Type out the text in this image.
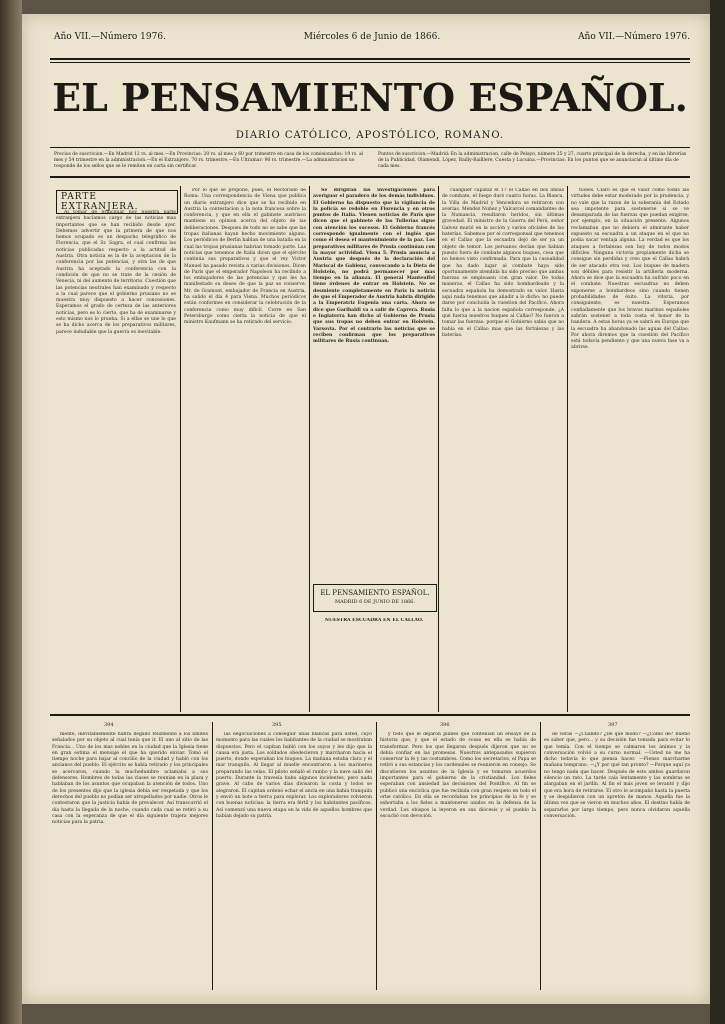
Año VII.—Número 1976.	Miércoles 6 de Junio de 1866.	Año VII.—Número 1976.
EL PENSAMIENTO ESPAÑOL.
DIARIO CATÓLICO, APOSTÓLICO, ROMANO.
Precios de suscricion.—En Madrid 12 rs. al mes.—En Provincias: 20 rs. al mes y 60 por trimestre en casa de los comisionados: 19 rs. al mes y 54 trimestre en la administracion.—En el Extranjero, 70 rs. trimestre.—En Ultramar: 90 rs. trimestre.—La administracion no responde de los sellos que se le remiten en carta sin certificar.
Puntos de suscricion.—Madrid: En la administracion, calle de Pelayo, número 25 y 27, cuarto principal de la derecha, y en las librerías de la Publicidad, Olamendi, López, Bailly-Bailliere, Cuesta y Lucuina.—Provincias: En los puntos que se anunciarán al último día de cada mes.
PARTE EXTRANJERA.

Al tomar de principiar hoy nuestra parte extranjera hacíamos cargo de las noticias mas importantes que se han recibido desde ayer. Debemos advertir que la primera de que nos hemos ocupado es un despacho telegráfico de Florencia, que el Sr. Sagra, el cual confirma las noticias publicadas respecto a la actitud de Austria. Otra noticia es la de la aceptacion de la conferencia por las potencias, y otra las de que Austria ha aceptado la conferencia con la condición de que no se trate de la cesión de Venecia, ni del aumento de territorio. Cuestión que las potencias neutrales han examinado y respecto a la cual parece que el gobierno prusiano no se muestra muy dispuesto a hacer concesiones. Esperamos el grado de certeza de las anteriores noticias, pero es lo cierto, que ha de examinarse y esto mismo nos lo prueba. Si a ellas se une lo que se ha dicho acerca de los preparativos militares, parece indudable que la guerra es inevitable.

Por lo que se propone, pues, el Rectorado de Roma: Una correspondencia de Viena que publica un diario extranjero dice que se ha recibido en Austria la contestacion a la nota francesa sobre la conferencia, y que en ella el gabinete austriaco mantiene su opinion acerca del objeto de las deliberaciones. Despues de todo no se sabe que las tropas italianas hayan hecho movimiento alguno. Los periódicos de Berlin hablan de una batalla en la cual las tropas prusianas habrian tomado parte. Las noticias que tenemos de Italia dicen que el ejército continúa sus preparativos y que el rey Victor Manuel ha pasado revista a varias divisiones. Dicen de París que el emperador Napoleon ha recibido a los embajadores de las potencias y que les ha manifestado su deseo de que la paz se conserve. Mr. de Gramont, embajador de Francia en Austria, ha salido el día 4 para Viena. Muchos periódicos están conformes en considerar la celebración de la conferencia como muy dificil. Corre en San Petersburgo como cierta la noticia de que el ministro Kaufmann se ha retirado del servicio.

Se dirigirán las investigaciones para averiguar el paradero de los demás individuos. El Gobierno ha dispuesto que la vigilancia de la policía se redoble en Florencia y en otros puntos de Italia. Vienen noticias de París que dicen que el gabinete de las Tullerías sigue con atención los sucesos. El Gobierno francés corresponde igualmente con el inglés que como él desea el mantenimiento de la paz. Los preparativos militares de Prusia continúan con la mayor actividad. Viena 5. Prusia anuncia a Austria que después de la declaración del Mariscal de Gablenz, convocando a la Dieta de Holstein, no podrá permanecer por mas tiempo en la alianza. El general Manteuffel tiene órdenes de entrar en Holstein. No se desmiente completamente en París la noticia de que el Emperador de Austria habria dirigido a la Emperatriz Eugenia una carta. Ahora se dice que Garibaldi va a salir de Caprera. Rusia e Inglaterra han dicho al Gobierno de Prusia que sus tropas no deben entrar en Holstein. Varsovia. Por el contrario las noticias que se reciben confirman que los preparativos militares de Rusia continuan.

EL PENSAMIENTO ESPAÑOL.
MADRID 6 DE JUNIO DE 1866.

NUESTRA ESCUADRA EN EL CALLAO.

cualquier capataz el 17 el Callao en dos líneas de combate, el fuego duró cuatro horas. La Blanca, la Villa de Madrid y Vencedora se retiraron con averías. Mendez Nuñez y Valcarcel comandantes de la Numancia, resultaron heridos, sin últimas gravedad. El ministro de la Guerra del Perú, señor Galvez murió en la acción y varios oficiales de las baterías. Sabemos por el corresponsal que tenemos en el Callao que la escuadra dejó de ser ya un objeto de temor. Los peruanos decían que habian puesto fuera de combate algunos buques, cosa que no hemos visto confirmada. Para que la casualidad que ha dado lugar al combate haya sido oportunamente atendida ha sido preciso que ambas fuerzas se empleasen con gran valor. De todas maneras, el Callao ha sido bombardeado y la escuadra española ha demostrado su valor. Hasta aquí nada tenemos que añadir a lo dicho; no puede darse por concluida la cuestion del Pacífico. Ahora falta lo que a la nacion española corresponde. ¿A qué fuerza nuestros buques al Callao? No fueron a tomar las fuerzas: porque el Gobierno sabia que no había en el Callao mas que las fortalezas y las baterías.

tiones. Claro es que el valor como todas las virtudes debe estar moderado por la prudencia, y no vale que la razon de la soberanía del Estado sea impotente para sostenerse si se ve desamparada de las fuerzas que puedan exigirse, por ejemplo, en la situación presente. Algunos reclamaban que no debiera el almirante haber expuesto su escuadra a un ataque en el que no podia sacar ventaja alguna. La verdad es que los ataques a fortalezas son hoy de todos modos difíciles. Ninguna victoria propiamente dicha se consigue sin perdidas y creo que el Callao habrá de ser atacado otra vez. Los buques de madera son débiles para resistir la artillería moderna. Ahora se dice que la escuadra ha sufrido poco en el combate. Nuestras escuadras no deben exponerse a bombardeos sino cuando tienen probabilidades de éxito. La vitoria, por consiguiente, es nuestra. Esperamos confiadamente que los bravos marinos españoles sabrán sostener a toda costa el honor de la bandera. A estas horas ya se sabrá en Europa que la escuadra ha abandonado las aguas del Callao. Por ahora diremos que la cuestión del Pacífico está todavía pendiente y que una nueva fase va a abrirse.

394	395	396	397

mente, inevitablemente habrá llegado felizmente a los límites señalados por su objeto al cual tenía que ir. El uno al sitio de las Francia... Uno de los mas nobles en la ciudad que la Iglesia tiene en gran estima el mensaje el que ha querido enviar. Tomó el tiempo noche para bajar al concilio de la ciudad y habló con los ancianos del pueblo. El ejército se había retirado y los principales se acercaron, cuando la muchedumbre aclamaba a sus defensores. Hombres de todas las clases se reunían en la plaza y hablaban de los asuntos que ocupaban la atención de todos. Uno de los presentes dijo que la iglesia debía ser respetada y que los derechos del pueblo no podían ser atropellados por nadie. Otros le contestaron que la justicia había de prevalecer. Así transcurrió el día hasta la llegada de la noche, cuando cada cual se retiró a su casa con la esperanza de que el día siguiente trajera mejores noticias para la patria.

las negociaciones a conseguir unas blancas para usted, cuyo momento para las cuales los habitantes de la ciudad se mostraban dispuestos. Pero el capitan habló con los suyos y les dijo que la causa era justa. Los soldados obedecieron y marcharon hacia el puerto, donde esperaban los buques. La mañana estaba clara y el mar tranquilo. Al llegar al muelle encontraron a los marineros preparando las velas. El piloto señaló el rumbo y la nave salió del puerto. Durante la travesía hubo algunos incidentes, pero nada grave. Al cabo de varios días divisaron la costa y todos se alegraron. El capitan ordenó echar el ancla en una bahía tranquila y envió un bote a tierra para explorar. Los exploradores volvieron con buenas noticias: la tierra era fértil y los habitantes pacíficos. Así comenzó una nueva etapa en la vida de aquellos hombres que habían dejado su patria.

y todo que le dejaron planes que contenían un ensayo de la historia que, y que el estado de cosas en ella se había de transformar. Pero los que llegaron después dijeron que no se debía confiar en las promesas. Nuestros antepasados supieron conservar la fe y las costumbres. Como los secretarios, el Papa se retiró a sus estancias y los cardenales se reunieron en consejo. Se discutieron los asuntos de la Iglesia y se tomaron acuerdos importantes para el gobierno de la cristiandad. Los fieles esperaban con ansiedad las decisiones del Pontífice. Al fin se publicó una encíclica que fue recibida con gran respeto en todo el orbe católico. En ella se recordaban los principios de la fe y se exhortaba a los fieles a mantenerse unidos en la defensa de la verdad. Los obispos la leyeron en sus diócesis y el pueblo la escuchó con devoción.

de veras —¿Cuándo? ¿De qué modo? —¿Cómo de? Bueno es saber que, pero... y su decisión fue tomada para evitar lo que temía. Con el tiempo se calmaron los ánimos y la conversación volvió a su curso normal. —Usted no me ha dicho todavía lo que piensa hacer. —Pienso marcharme mañana temprano. —¿Y por qué tan pronto? —Porque aquí ya no tengo nada que hacer. Después de esto ambos guardaron silencio un rato. La tarde caía lentamente y las sombras se alargaban en el jardín. Al fin el más joven se levantó y dijo que era hora de retirarse. El otro le acompañó hasta la puerta y se despidieron con un apretón de manos. Aquella fue la última vez que se vieron en muchos años. El destino había de separarlos por largo tiempo, pero nunca olvidaron aquella conversación.
